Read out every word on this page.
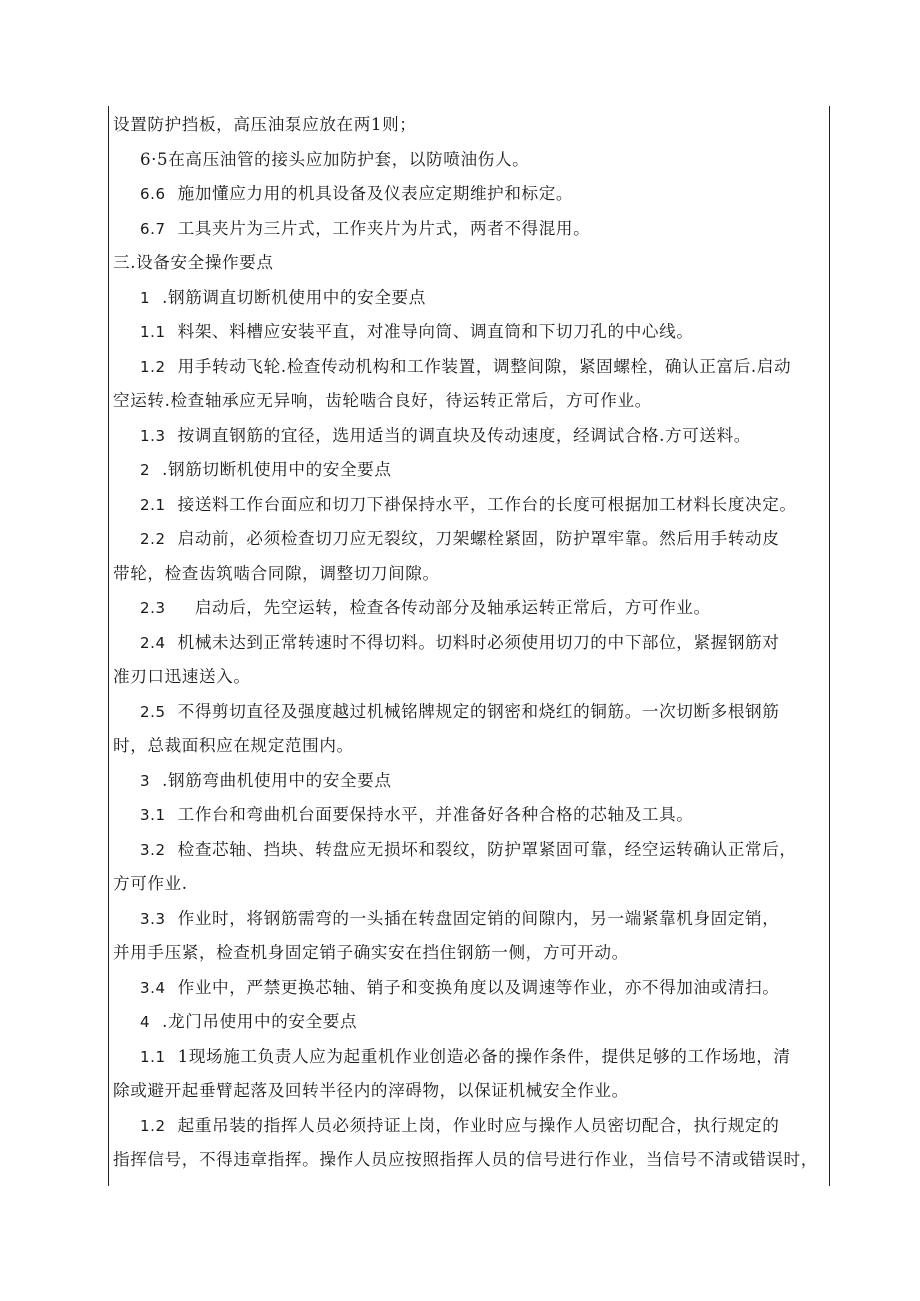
设置防护挡板，高压油泵应放在两1则；
6·5在高压油管的接头应加防护套，以防喷油伤人。
6.6 施加懂应力用的机具设备及仪表应定期维护和标定。
6.7 工具夹片为三片式，工作夹片为片式，两者不得混用。
三.设备安全操作要点
1 .钢筋调直切断机使用中的安全要点
1.1 料架、料槽应安装平直，对准导向筒、调直筒和下切刀孔的中心线。
1.2 用手转动飞轮.检查传动机构和工作装置，调整间隙，紧固螺栓，确认正富后.启动
空运转.检查轴承应无异响，齿轮啮合良好，待运转正常后，方可作业。
1.3 按调直钢筋的宜径，选用适当的调直块及传动速度，经调试合格.方可送料。
2 .钢筋切断机使用中的安全要点
2.1 接送料工作台面应和切刀下褂保持水平，工作台的长度可根据加工材料长度决定。
2.2 启动前，必须检查切刀应无裂纹，刀架螺栓紧固，防护罩牢靠。然后用手转动皮
带轮，检查齿筑啮合同隙，调整切刀间隙。
2.3　启动后，先空运转，检查各传动部分及轴承运转正常后，方可作业。
2.4 机械未达到正常转速时不得切料。切料时必须使用切刀的中下部位，紧握钢筋对
准刃口迅速送入。
2.5 不得剪切直径及强度越过机械铭牌规定的钢密和烧红的铜筋。一次切断多根钢筋
时，总裁面积应在规定范围内。
3 .钢筋弯曲机使用中的安全要点
3.1 工作台和弯曲机台面要保持水平，并准备好各种合格的芯轴及工具。
3.2 检查芯轴、挡块、转盘应无损坏和裂纹，防护罩紧固可靠，经空运转确认正常后，
方可作业.
3.3 作业时，将钢筋需弯的一头插在转盘固定销的间隙内，另一端紧靠机身固定销，
并用手压紧，检查机身固定销子确实安在挡住钢筋一侧，方可开动。
3.4 作业中，严禁更换芯轴、销子和变换角度以及调速等作业，亦不得加油或清扫。
4 .龙门吊使用中的安全要点
1.1 1现场施工负责人应为起重机作业创造必备的操作条件，提供足够的工作场地，清
除或避开起垂臂起落及回转半径内的滓碍物，以保证机械安全作业。
1.2 起重吊装的指挥人员必须持证上岗，作业时应与操作人员密切配合，执行规定的
指挥信号，不得违章指挥。操作人员应按照指挥人员的信号进行作业，当信号不清或错误时，
